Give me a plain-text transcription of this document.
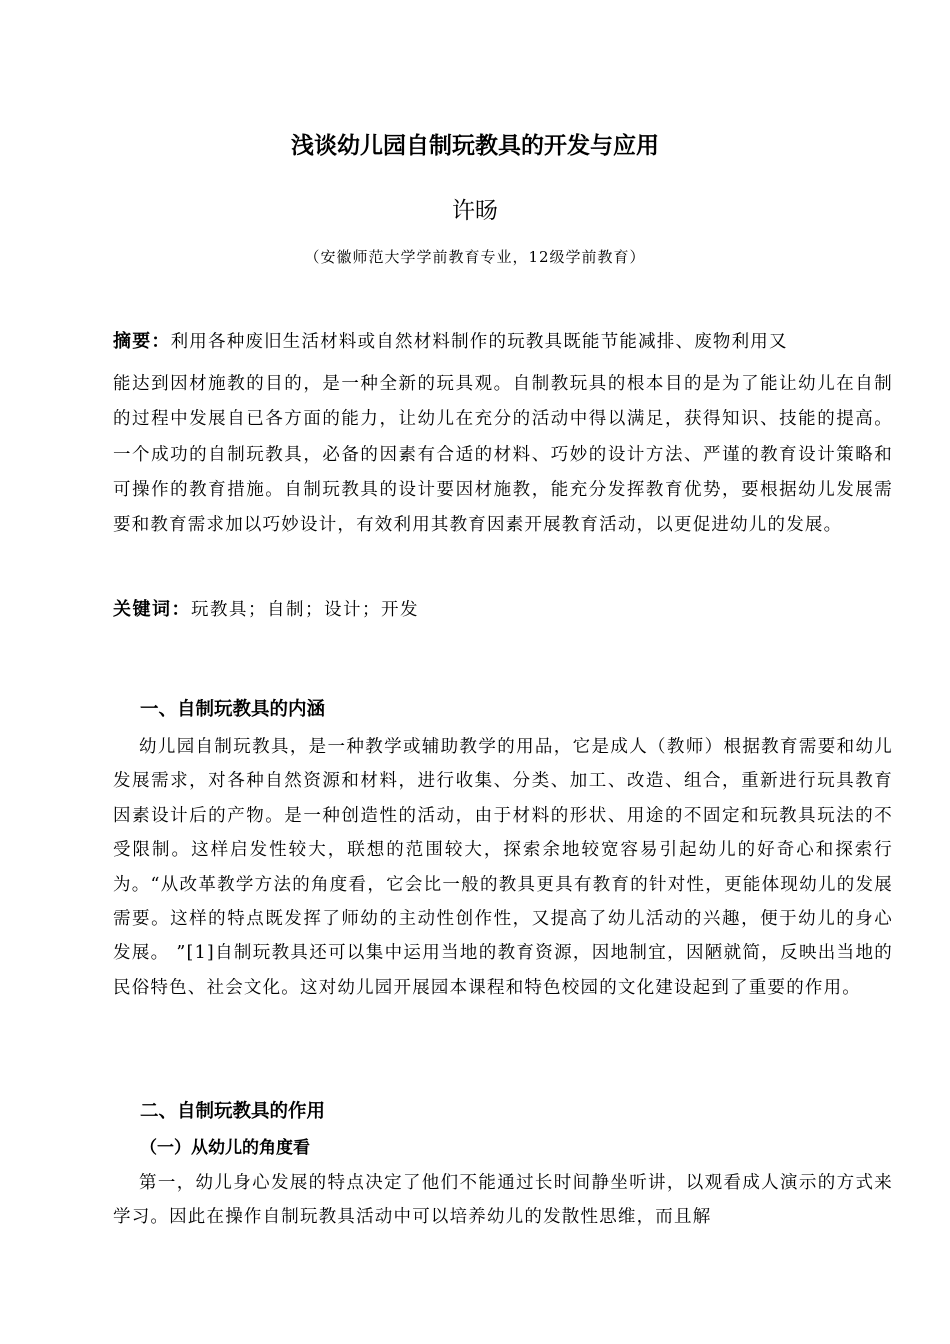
浅谈幼儿园自制玩教具的开发与应用
许旸
（安徽师范大学学前教育专业，12级学前教育）
摘要：利用各种废旧生活材料或自然材料制作的玩教具既能节能减排、废物利用又
能达到因材施教的目的，是一种全新的玩具观。自制教玩具的根本目的是为了能让幼儿在自制的过程中发展自已各方面的能力，让幼儿在充分的活动中得以满足，获得知识、技能的提高。一个成功的自制玩教具，必备的因素有合适的材料、巧妙的设计方法、严谨的教育设计策略和可操作的教育措施。自制玩教具的设计要因材施教，能充分发挥教育优势，要根据幼儿发展需要和教育需求加以巧妙设计，有效利用其教育因素开展教育活动，以更促进幼儿的发展。
关键词：玩教具；自制；设计；开发
一、自制玩教具的内涵
幼儿园自制玩教具，是一种教学或辅助教学的用品，它是成人（教师）根据教育需要和幼儿发展需求，对各种自然资源和材料，进行收集、分类、加工、改造、组合，重新进行玩具教育因素设计后的产物。是一种创造性的活动，由于材料的形状、用途的不固定和玩教具玩法的不受限制。这样启发性较大，联想的范围较大，探索余地较宽容易引起幼儿的好奇心和探索行为。“从改革教学方法的角度看，它会比一般的教具更具有教育的针对性，更能体现幼儿的发展需要。这样的特点既发挥了师幼的主动性创作性，又提高了幼儿活动的兴趣，便于幼儿的身心发展。 ”[1]自制玩教具还可以集中运用当地的教育资源，因地制宜，因陋就简，反映出当地的民俗特色、社会文化。这对幼儿园开展园本课程和特色校园的文化建设起到了重要的作用。
二、自制玩教具的作用
（一）从幼儿的角度看
第一，幼儿身心发展的特点决定了他们不能通过长时间静坐听讲，以观看成人演示的方式来学习。因此在操作自制玩教具活动中可以培养幼儿的发散性思维，而且解
